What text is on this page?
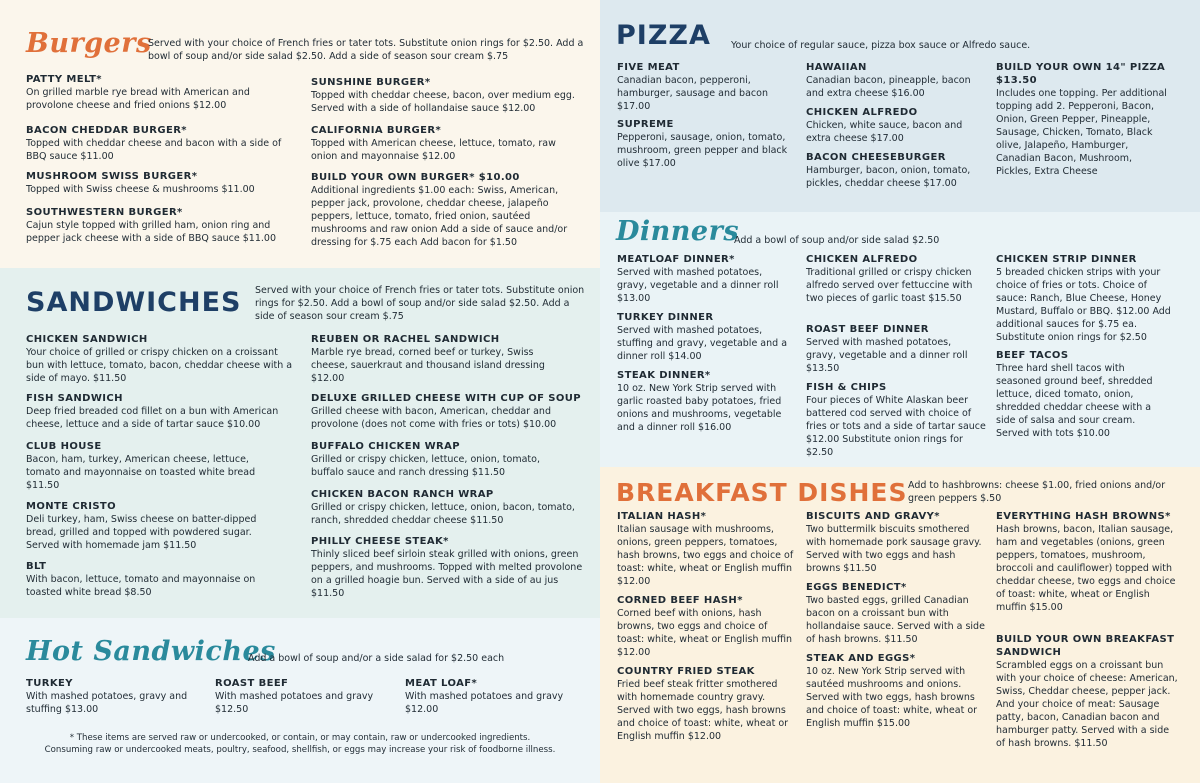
Burgers
Served with your choice of French fries or tater tots. Substitute onion rings for $2.50. Add a bowl of soup and/or side salad $2.50. Add a side of season sour cream $.75
PATTY MELT*
On grilled marble rye bread with American and provolone cheese and fried onions $12.00
BACON CHEDDAR BURGER*
Topped with cheddar cheese and bacon with a side of BBQ sauce $11.00
MUSHROOM SWISS BURGER*
Topped with Swiss cheese & mushrooms $11.00
SOUTHWESTERN BURGER*
Cajun style topped with grilled ham, onion ring and pepper jack cheese with a side of BBQ sauce $11.00
SUNSHINE BURGER*
Topped with cheddar cheese, bacon, over medium egg. Served with a side of hollandaise sauce $12.00
CALIFORNIA BURGER*
Topped with American cheese, lettuce, tomato, raw onion and mayonnaise $12.00
BUILD YOUR OWN BURGER* $10.00
Additional ingredients $1.00 each: Swiss, American, pepper jack, provolone, cheddar cheese, jalapeño peppers, lettuce, tomato, fried onion, sautéed mushrooms and raw onion Add a side of sauce and/or dressing for $.75 each Add bacon for $1.50
SANDWICHES Served with your choice of French fries or tater tots. Substitute onion rings for $2.50. Add a bowl of soup and/or side salad $2.50. Add a side of season sour cream $.75
CHICKEN SANDWICH
Your choice of grilled or crispy chicken on a croissant bun with lettuce, tomato, bacon, cheddar cheese with a side of mayo. $11.50
FISH SANDWICH
Deep fried breaded cod fillet on a bun with American cheese, lettuce and a side of tartar sauce $10.00
CLUB HOUSE
Bacon, ham, turkey, American cheese, lettuce, tomato and mayonnaise on toasted white bread $11.50
MONTE CRISTO
Deli turkey, ham, Swiss cheese on batter-dipped bread, grilled and topped with powdered sugar. Served with homemade jam $11.50
BLT
With bacon, lettuce, tomato and mayonnaise on toasted white bread $8.50
REUBEN OR RACHEL SANDWICH
Marble rye bread, corned beef or turkey, Swiss cheese, sauerkraut and thousand island dressing $12.00
DELUXE GRILLED CHEESE WITH CUP OF SOUP
Grilled cheese with bacon, American, cheddar and provolone (does not come with fries or tots) $10.00
BUFFALO CHICKEN WRAP
Grilled or crispy chicken, lettuce, onion, tomato, buffalo sauce and ranch dressing $11.50
CHICKEN BACON RANCH WRAP
Grilled or crispy chicken, lettuce, onion, bacon, tomato, ranch, shredded cheddar cheese $11.50
PHILLY CHEESE STEAK*
Thinly sliced beef sirloin steak grilled with onions, green peppers, and mushrooms. Topped with melted provolone on a grilled hoagie bun. Served with a side of au jus $11.50
Hot Sandwiches
Add a bowl of soup and/or a side salad for $2.50 each
TURKEY
With mashed potatoes, gravy and stuffing $13.00
ROAST BEEF
With mashed potatoes and gravy $12.50
MEAT LOAF*
With mashed potatoes and gravy $12.00
* These items are served raw or undercooked, or contain, or may contain, raw or undercooked ingredients.
Consuming raw or undercooked meats, poultry, seafood, shellfish, or eggs may increase your risk of foodborne illness.
PIZZA Your choice of regular sauce, pizza box sauce or Alfredo sauce.
FIVE MEAT
Canadian bacon, pepperoni, hamburger, sausage and bacon $17.00
SUPREME
Pepperoni, sausage, onion, tomato, mushroom, green pepper and black olive $17.00
HAWAIIAN
Canadian bacon, pineapple, bacon and extra cheese $16.00
CHICKEN ALFREDO
Chicken, white sauce, bacon and extra cheese $17.00
BACON CHEESEBURGER
Hamburger, bacon, onion, tomato, pickles, cheddar cheese $17.00
BUILD YOUR OWN 14" PIZZA $13.50
Includes one topping. Per additional topping add 2. Pepperoni, Bacon, Onion, Green Pepper, Pineapple, Sausage, Chicken, Tomato, Black olive, Jalapeño, Hamburger, Canadian Bacon, Mushroom, Pickles, Extra Cheese
Dinners
Add a bowl of soup and/or side salad $2.50
MEATLOAF DINNER*
Served with mashed potatoes, gravy, vegetable and a dinner roll $13.00
TURKEY DINNER
Served with mashed potatoes, stuffing and gravy, vegetable and a dinner roll $14.00
STEAK DINNER*
10 oz. New York Strip served with garlic roasted baby potatoes, fried onions and mushrooms, vegetable and a dinner roll $16.00
CHICKEN ALFREDO
Traditional grilled or crispy chicken alfredo served over fettuccine with two pieces of garlic toast $15.50
ROAST BEEF DINNER
Served with mashed potatoes, gravy, vegetable and a dinner roll $13.50
FISH & CHIPS
Four pieces of White Alaskan beer battered cod served with choice of fries or tots and a side of tartar sauce $12.00 Substitute onion rings for $2.50
CHICKEN STRIP DINNER
5 breaded chicken strips with your choice of fries or tots. Choice of sauce: Ranch, Blue Cheese, Honey Mustard, Buffalo or BBQ. $12.00 Add additional sauces for $.75 ea. Substitute onion rings for $2.50
BEEF TACOS
Three hard shell tacos with seasoned ground beef, shredded lettuce, diced tomato, onion, shredded cheddar cheese with a side of salsa and sour cream. Served with tots $10.00
BREAKFAST DISHES Add to hashbrowns: cheese $1.00, fried onions and/or green peppers $.50
ITALIAN HASH*
Italian sausage with mushrooms, onions, green peppers, tomatoes, hash browns, two eggs and choice of toast: white, wheat or English muffin $12.00
CORNED BEEF HASH*
Corned beef with onions, hash browns, two eggs and choice of toast: white, wheat or English muffin $12.00
COUNTRY FRIED STEAK
Fried beef steak fritter smothered with homemade country gravy. Served with two eggs, hash browns and choice of toast: white, wheat or English muffin $12.00
BISCUITS AND GRAVY*
Two buttermilk biscuits smothered with homemade pork sausage gravy. Served with two eggs and hash browns $11.50
EGGS BENEDICT*
Two basted eggs, grilled Canadian bacon on a croissant bun with hollandaise sauce. Served with a side of hash browns. $11.50
STEAK AND EGGS*
10 oz. New York Strip served with sautéed mushrooms and onions. Served with two eggs, hash browns and choice of toast: white, wheat or English muffin $15.00
EVERYTHING HASH BROWNS*
Hash browns, bacon, Italian sausage, ham and vegetables (onions, green peppers, tomatoes, mushroom, broccoli and cauliflower) topped with cheddar cheese, two eggs and choice of toast: white, wheat or English muffin $15.00
BUILD YOUR OWN BREAKFAST SANDWICH
Scrambled eggs on a croissant bun with your choice of cheese: American, Swiss, Cheddar cheese, pepper jack. And your choice of meat: Sausage patty, bacon, Canadian bacon and hamburger patty. Served with a side of hash browns. $11.50
